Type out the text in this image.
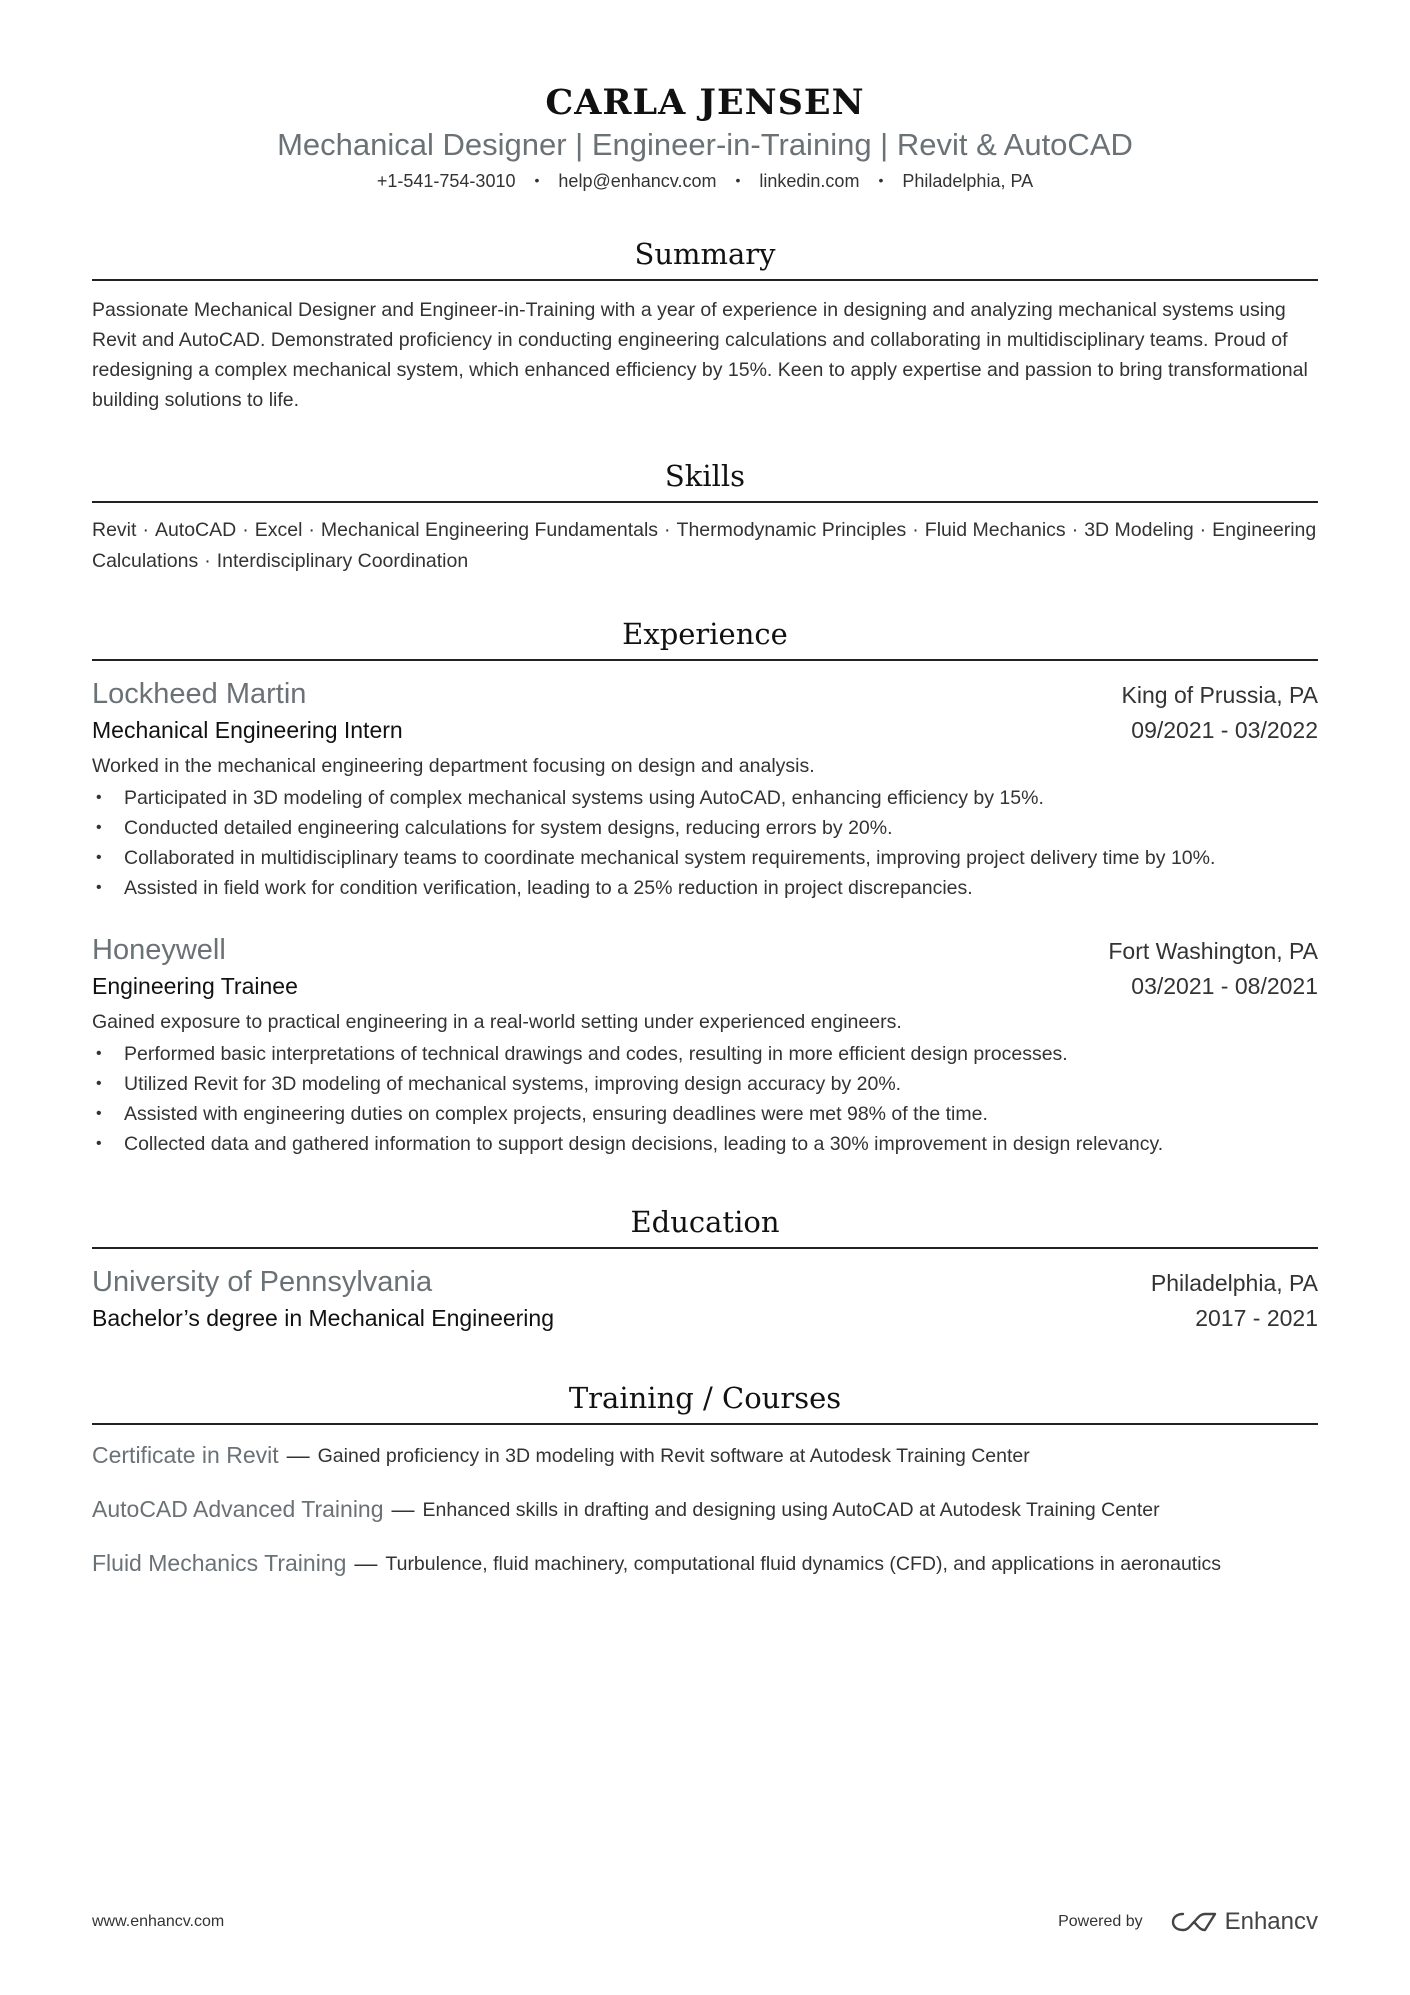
CARLA JENSEN
Mechanical Designer | Engineer-in-Training | Revit & AutoCAD
+1-541-754-3010 • help@enhancv.com • linkedin.com • Philadelphia, PA
Summary
Passionate Mechanical Designer and Engineer-in-Training with a year of experience in designing and analyzing mechanical systems using Revit and AutoCAD. Demonstrated proficiency in conducting engineering calculations and collaborating in multidisciplinary teams. Proud of redesigning a complex mechanical system, which enhanced efficiency by 15%. Keen to apply expertise and passion to bring transformational building solutions to life.
Skills
Revit · AutoCAD · Excel · Mechanical Engineering Fundamentals · Thermodynamic Principles · Fluid Mechanics · 3D Modeling · Engineering Calculations · Interdisciplinary Coordination
Experience
Lockheed Martin	King of Prussia, PA
Mechanical Engineering Intern	09/2021 - 03/2022
Worked in the mechanical engineering department focusing on design and analysis.
• Participated in 3D modeling of complex mechanical systems using AutoCAD, enhancing efficiency by 15%.
• Conducted detailed engineering calculations for system designs, reducing errors by 20%.
• Collaborated in multidisciplinary teams to coordinate mechanical system requirements, improving project delivery time by 10%.
• Assisted in field work for condition verification, leading to a 25% reduction in project discrepancies.
Honeywell	Fort Washington, PA
Engineering Trainee	03/2021 - 08/2021
Gained exposure to practical engineering in a real-world setting under experienced engineers.
• Performed basic interpretations of technical drawings and codes, resulting in more efficient design processes.
• Utilized Revit for 3D modeling of mechanical systems, improving design accuracy by 20%.
• Assisted with engineering duties on complex projects, ensuring deadlines were met 98% of the time.
• Collected data and gathered information to support design decisions, leading to a 30% improvement in design relevancy.
Education
University of Pennsylvania	Philadelphia, PA
Bachelor’s degree in Mechanical Engineering	2017 - 2021
Training / Courses
Certificate in Revit — Gained proficiency in 3D modeling with Revit software at Autodesk Training Center
AutoCAD Advanced Training — Enhanced skills in drafting and designing using AutoCAD at Autodesk Training Center
Fluid Mechanics Training — Turbulence, fluid machinery, computational fluid dynamics (CFD), and applications in aeronautics
www.enhancv.com	Powered by	Enhancv
